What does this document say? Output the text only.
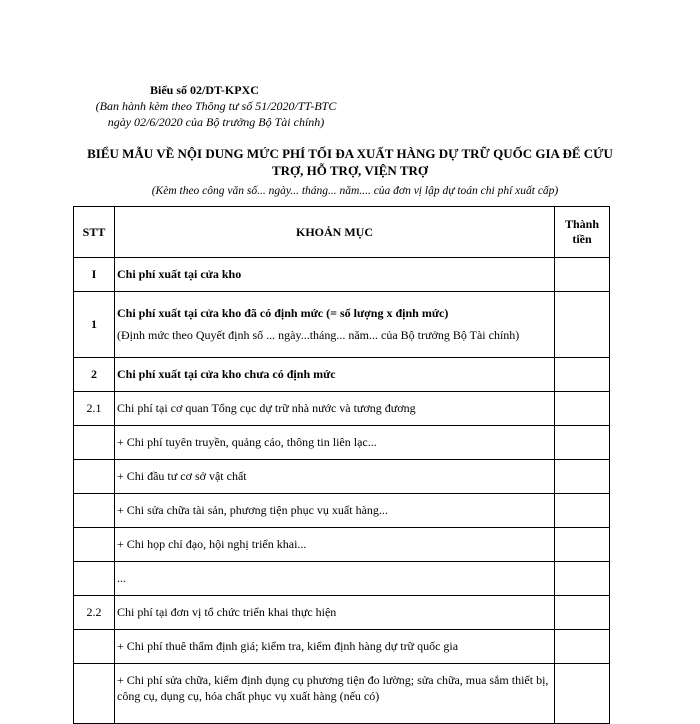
Biểu số 02/DT-KPXC
(Ban hành kèm theo Thông tư số 51/2020/TT-BTC ngày 02/6/2020 của Bộ trưởng Bộ Tài chính)
BIỂU MẪU VỀ NỘI DUNG MỨC PHÍ TỐI ĐA XUẤT HÀNG DỰ TRỮ QUỐC GIA ĐỂ CỨU TRỢ, HỖ TRỢ, VIỆN TRỢ
(Kèm theo công văn số... ngày... tháng... năm.... của đơn vị lập dự toán chi phí xuất cấp)
STT	KHOẢN MỤC	Thành tiền
I	Chi phí xuất tại cửa kho	
1	Chi phí xuất tại cửa kho đã có định mức (= số lượng x định mức)
(Định mức theo Quyết định số ... ngày...tháng... năm... của Bộ trưởng Bộ Tài chính)	

2	Chi phí xuất tại cửa kho chưa có định mức	
2.1	Chi phí tại cơ quan Tổng cục dự trữ nhà nước và tương đương	
	+ Chi phí tuyên truyền, quảng cáo, thông tin liên lạc...	
	+ Chi đầu tư cơ sở vật chất	
	+ Chi sửa chữa tài sản, phương tiện phục vụ xuất hàng...	
	+ Chi họp chỉ đạo, hội nghị triển khai...	
	...	
2.2	Chi phí tại đơn vị tổ chức triển khai thực hiện	
	+ Chi phí thuê thẩm định giá; kiểm tra, kiểm định hàng dự trữ quốc gia	
	+ Chi phí sửa chữa, kiểm định dụng cụ phương tiện đo lường; sửa chữa, mua sắm thiết bị, công cụ, dụng cụ, hóa chất phục vụ xuất hàng (nếu có)	
